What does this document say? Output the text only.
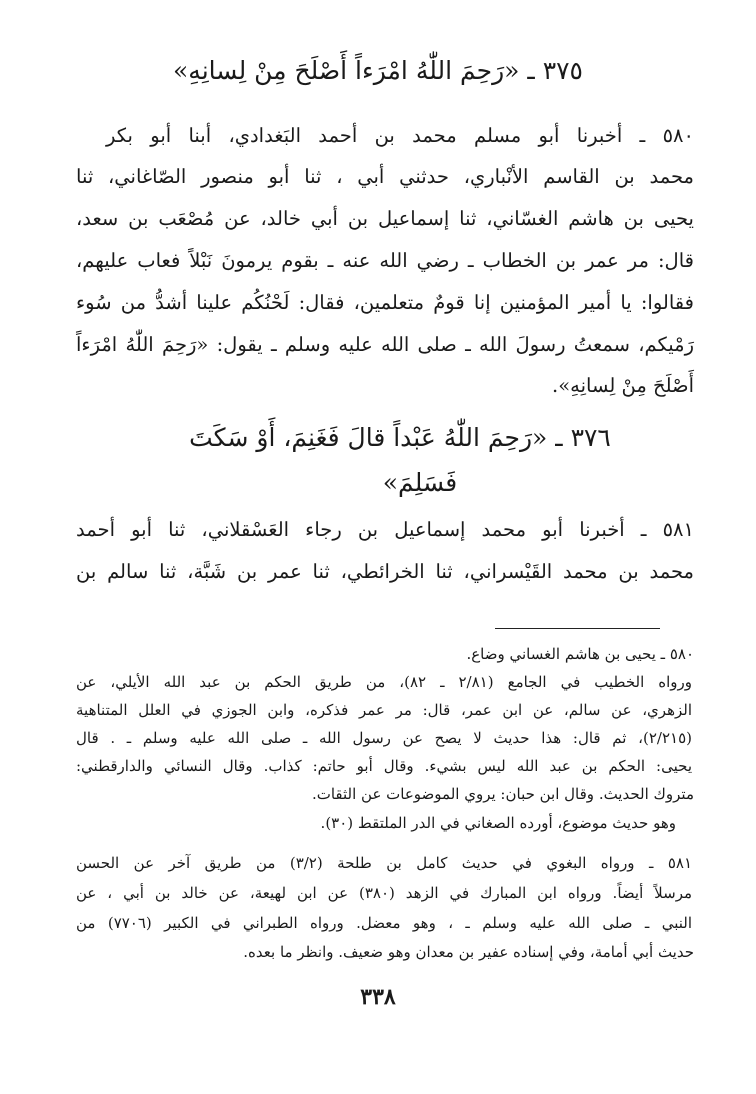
٣٧٥ ـ «رَحِمَ اللّٰهُ امْرَءاً أَصْلَحَ مِنْ لِسانِهِ»
٥٨٠ ـ أخبرنا أبو مسلم محمد بن أحمد البَغدادي، أبنا أبو بكر
محمد بن القاسم الأنْباري، حدثني أبي ، ثنا أبو منصور الصّاغاني، ثنا
يحيى بن هاشم الغسّاني، ثنا إسماعيل بن أبي خالد، عن مُصْعَب بن سعد،
قال: مر عمر بن الخطاب ـ رضي الله عنه ـ بقوم يرمونَ نَبْلاً فعاب عليهم،
فقالوا: يا أمير المؤمنين إنا قومٌ متعلمين، فقال: لَحْنُكُم علينا أشدُّ من سُوء
رَمْيكم، سمعتُ رسولَ الله ـ صلى الله عليه وسلم ـ يقول: «رَحِمَ اللّٰهُ امْرَءاً
أَصْلَحَ مِنْ لِسانِهِ».
٣٧٦ ـ «رَحِمَ اللّٰهُ عَبْداً قالَ فَغَنِمَ، أَوْ سَكَتَ
فَسَلِمَ»
٥٨١ ـ أخبرنا أبو محمد إسماعيل بن رجاء العَسْقلاني، ثنا أبو أحمد
محمد بن محمد القَيْسراني، ثنا الخرائطي، ثنا عمر بن شَبَّة، ثنا سالم بن
٥٨٠ ـ يحيى بن هاشم الغساني وضاع.
ورواه الخطيب في الجامع (٢/٨١ ـ ٨٢)، من طريق الحكم بن عبد الله الأيلي، عن
الزهري، عن سالم، عن ابن عمر، قال: مر عمر فذكره، وابن الجوزي في العلل المتناهية
(٢/٢١٥)، ثم قال: هذا حديث لا يصح عن رسول الله ـ صلى الله عليه وسلم ـ . قال
يحيى: الحكم بن عبد الله ليس بشيء. وقال أبو حاتم: كذاب. وقال النسائي والدارقطني:
متروك الحديث. وقال ابن حبان: يروي الموضوعات عن الثقات.
وهو حديث موضوع، أورده الصغاني في الدر الملتقط (٣٠).
٥٨١ ـ ورواه البغوي في حديث كامل بن طلحة (٣/٢) من طريق آخر عن الحسن
مرسلاً أيضاً. ورواه ابن المبارك في الزهد (٣٨٠) عن ابن لهيعة، عن خالد بن أبي ، عن
النبي ـ صلى الله عليه وسلم ـ ، وهو معضل. ورواه الطبراني في الكبير (٧٧٠٦) من
حديث أبي أمامة، وفي إسناده عفير بن معدان وهو ضعيف. وانظر ما بعده.
٣٣٨
